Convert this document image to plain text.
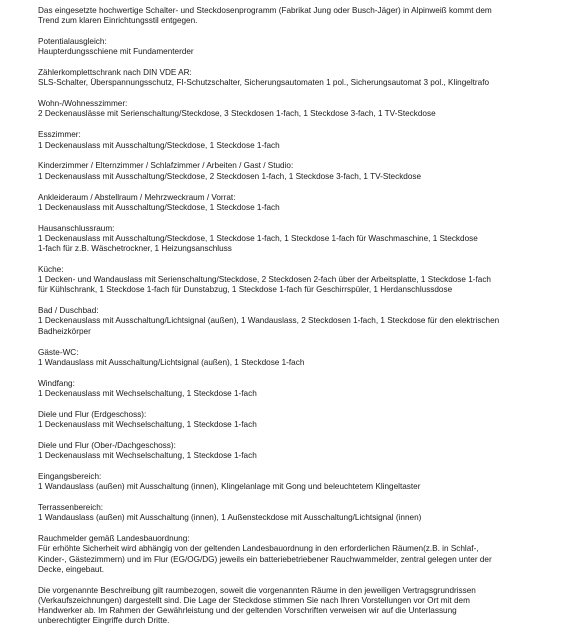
Das eingesetzte hochwertige Schalter- und Steckdosenprogramm (Fabrikat Jung oder Busch-Jäger) in Alpinweiß kommt dem
Trend zum klaren Einrichtungsstil entgegen.
Potentialausgleich:
Haupterdungsschiene mit Fundamenterder
Zählerkomplettschrank nach DIN VDE AR:
SLS-Schalter, Überspannungsschutz, FI-Schutzschalter, Sicherungsautomaten 1 pol., Sicherungsautomat 3 pol., Klingeltrafo
Wohn-/Wohnesszimmer:
2 Deckenauslässe mit Serienschaltung/Steckdose, 3 Steckdosen 1-fach, 1 Steckdose 3-fach, 1 TV-Steckdose
Esszimmer:
1 Deckenauslass mit Ausschaltung/Steckdose, 1 Steckdose 1-fach
Kinderzimmer / Elternzimmer / Schlafzimmer / Arbeiten / Gast / Studio:
1 Deckenauslass mit Ausschaltung/Steckdose, 2 Steckdosen 1-fach, 1 Steckdose 3-fach, 1 TV-Steckdose
Ankleideraum / Abstellraum / Mehrzweckraum / Vorrat:
1 Deckenauslass mit Ausschaltung/Steckdose, 1 Steckdose 1-fach
Hausanschlussraum:
1 Deckenauslass mit Ausschaltung/Steckdose, 1 Steckdose 1-fach, 1 Steckdose 1-fach für Waschmaschine, 1 Steckdose
1-fach für z.B. Wäschetrockner, 1 Heizungsanschluss
Küche:
1 Decken- und Wandauslass mit Serienschaltung/Steckdose, 2 Steckdosen 2-fach über der Arbeitsplatte, 1 Steckdose 1-fach
für Kühlschrank, 1 Steckdose 1-fach für Dunstabzug, 1 Steckdose 1-fach für Geschirrspüler, 1 Herdanschlussdose
Bad / Duschbad:
1 Deckenauslass mit Ausschaltung/Lichtsignal (außen), 1 Wandauslass, 2 Steckdosen 1-fach, 1 Steckdose für den elektrischen
Badheizkörper
Gäste-WC:
1 Wandauslass mit Ausschaltung/Lichtsignal (außen), 1 Steckdose 1-fach
Windfang:
1 Deckenauslass mit Wechselschaltung, 1 Steckdose 1-fach
Diele und Flur (Erdgeschoss):
1 Deckenauslass mit Wechselschaltung, 1 Steckdose 1-fach
Diele und Flur (Ober-/Dachgeschoss):
1 Deckenauslass mit Wechselschaltung, 1 Steckdose 1-fach
Eingangsbereich:
1 Wandauslass (außen) mit Ausschaltung (innen), Klingelanlage mit Gong und beleuchtetem Klingeltaster
Terrassenbereich:
1 Wandauslass (außen) mit Ausschaltung (innen), 1 Außensteckdose mit Ausschaltung/Lichtsignal (innen)
Rauchmelder gemäß Landesbauordnung:
Für erhöhte Sicherheit wird abhängig von der geltenden Landesbauordnung in den erforderlichen Räumen(z.B. in Schlaf-,
Kinder-, Gästezimmern) und im Flur (EG/OG/DG) jeweils ein batteriebetriebener Rauchwammelder, zentral gelegen unter der
Decke, eingebaut.
Die vorgenannte Beschreibung gilt raumbezogen, soweit die vorgenannten Räume in den jeweiligen Vertragsgrundrissen
(Verkaufszeichnungen) dargestellt sind. Die Lage der Steckdose stimmen Sie nach Ihren Vorstellungen vor Ort mit dem
Handwerker ab. Im Rahmen der Gewährleistung und der geltenden Vorschriften verweisen wir auf die Unterlassung
unberechtigter Eingriffe durch Dritte.
